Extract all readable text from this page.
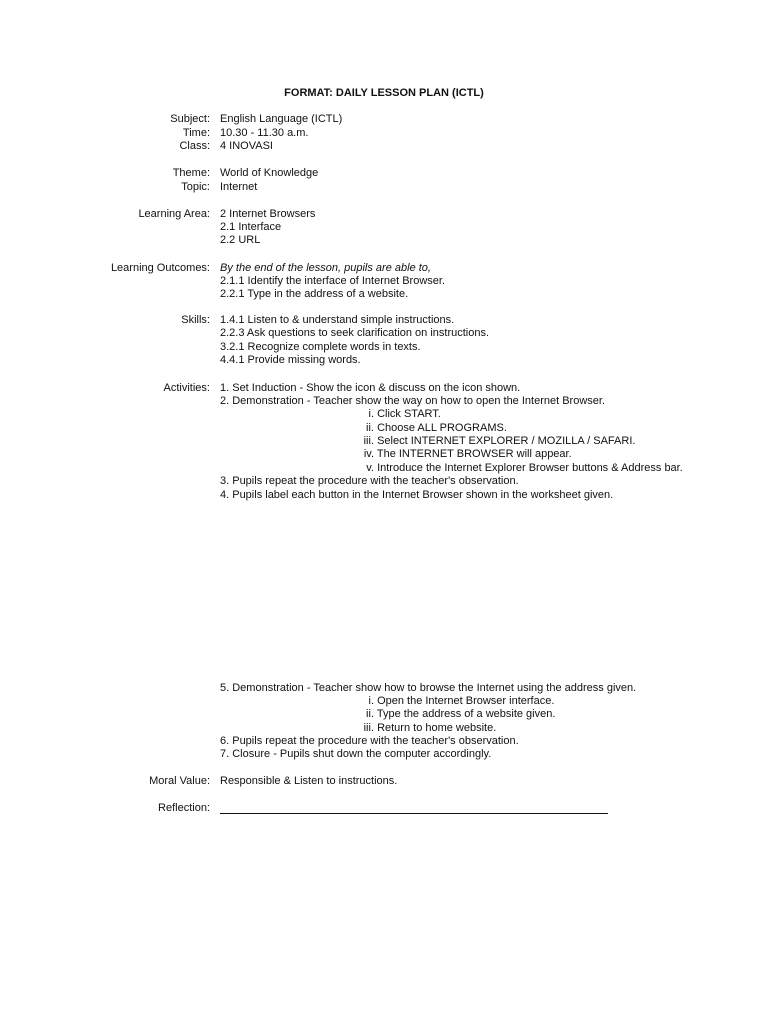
FORMAT: DAILY LESSON PLAN (ICTL)
Subject: English Language (ICTL)
Time: 10.30 - 11.30 a.m.
Class: 4 INOVASI
Theme: World of Knowledge
Topic: Internet
Learning Area: 2 Internet Browsers
2.1 Interface
2.2 URL
Learning Outcomes: By the end of the lesson, pupils are able to,
2.1.1 Identify the interface of Internet Browser.
2.2.1 Type in the address of a website.
Skills: 1.4.1 Listen to & understand simple instructions.
2.2.3 Ask questions to seek clarification on instructions.
3.2.1 Recognize complete words in texts.
4.4.1 Provide missing words.
Activities: 1. Set Induction - Show the icon & discuss on the icon shown.
2. Demonstration - Teacher show the way on how to open the Internet Browser.
i. Click START.
ii. Choose ALL PROGRAMS.
iii. Select INTERNET EXPLORER / MOZILLA / SAFARI.
iv. The INTERNET BROWSER will appear.
v. Introduce the Internet Explorer Browser buttons & Address bar.
3. Pupils repeat the procedure with the teacher's observation.
4. Pupils label each button in the Internet Browser shown in the worksheet given.
5. Demonstration - Teacher show how to browse the Internet using the address given.
i. Open the Internet Browser interface.
ii. Type the address of a website given.
iii. Return to home website.
6. Pupils repeat the procedure with the teacher's observation.
7. Closure - Pupils shut down the computer accordingly.
Moral Value: Responsible & Listen to instructions.
Reflection:
